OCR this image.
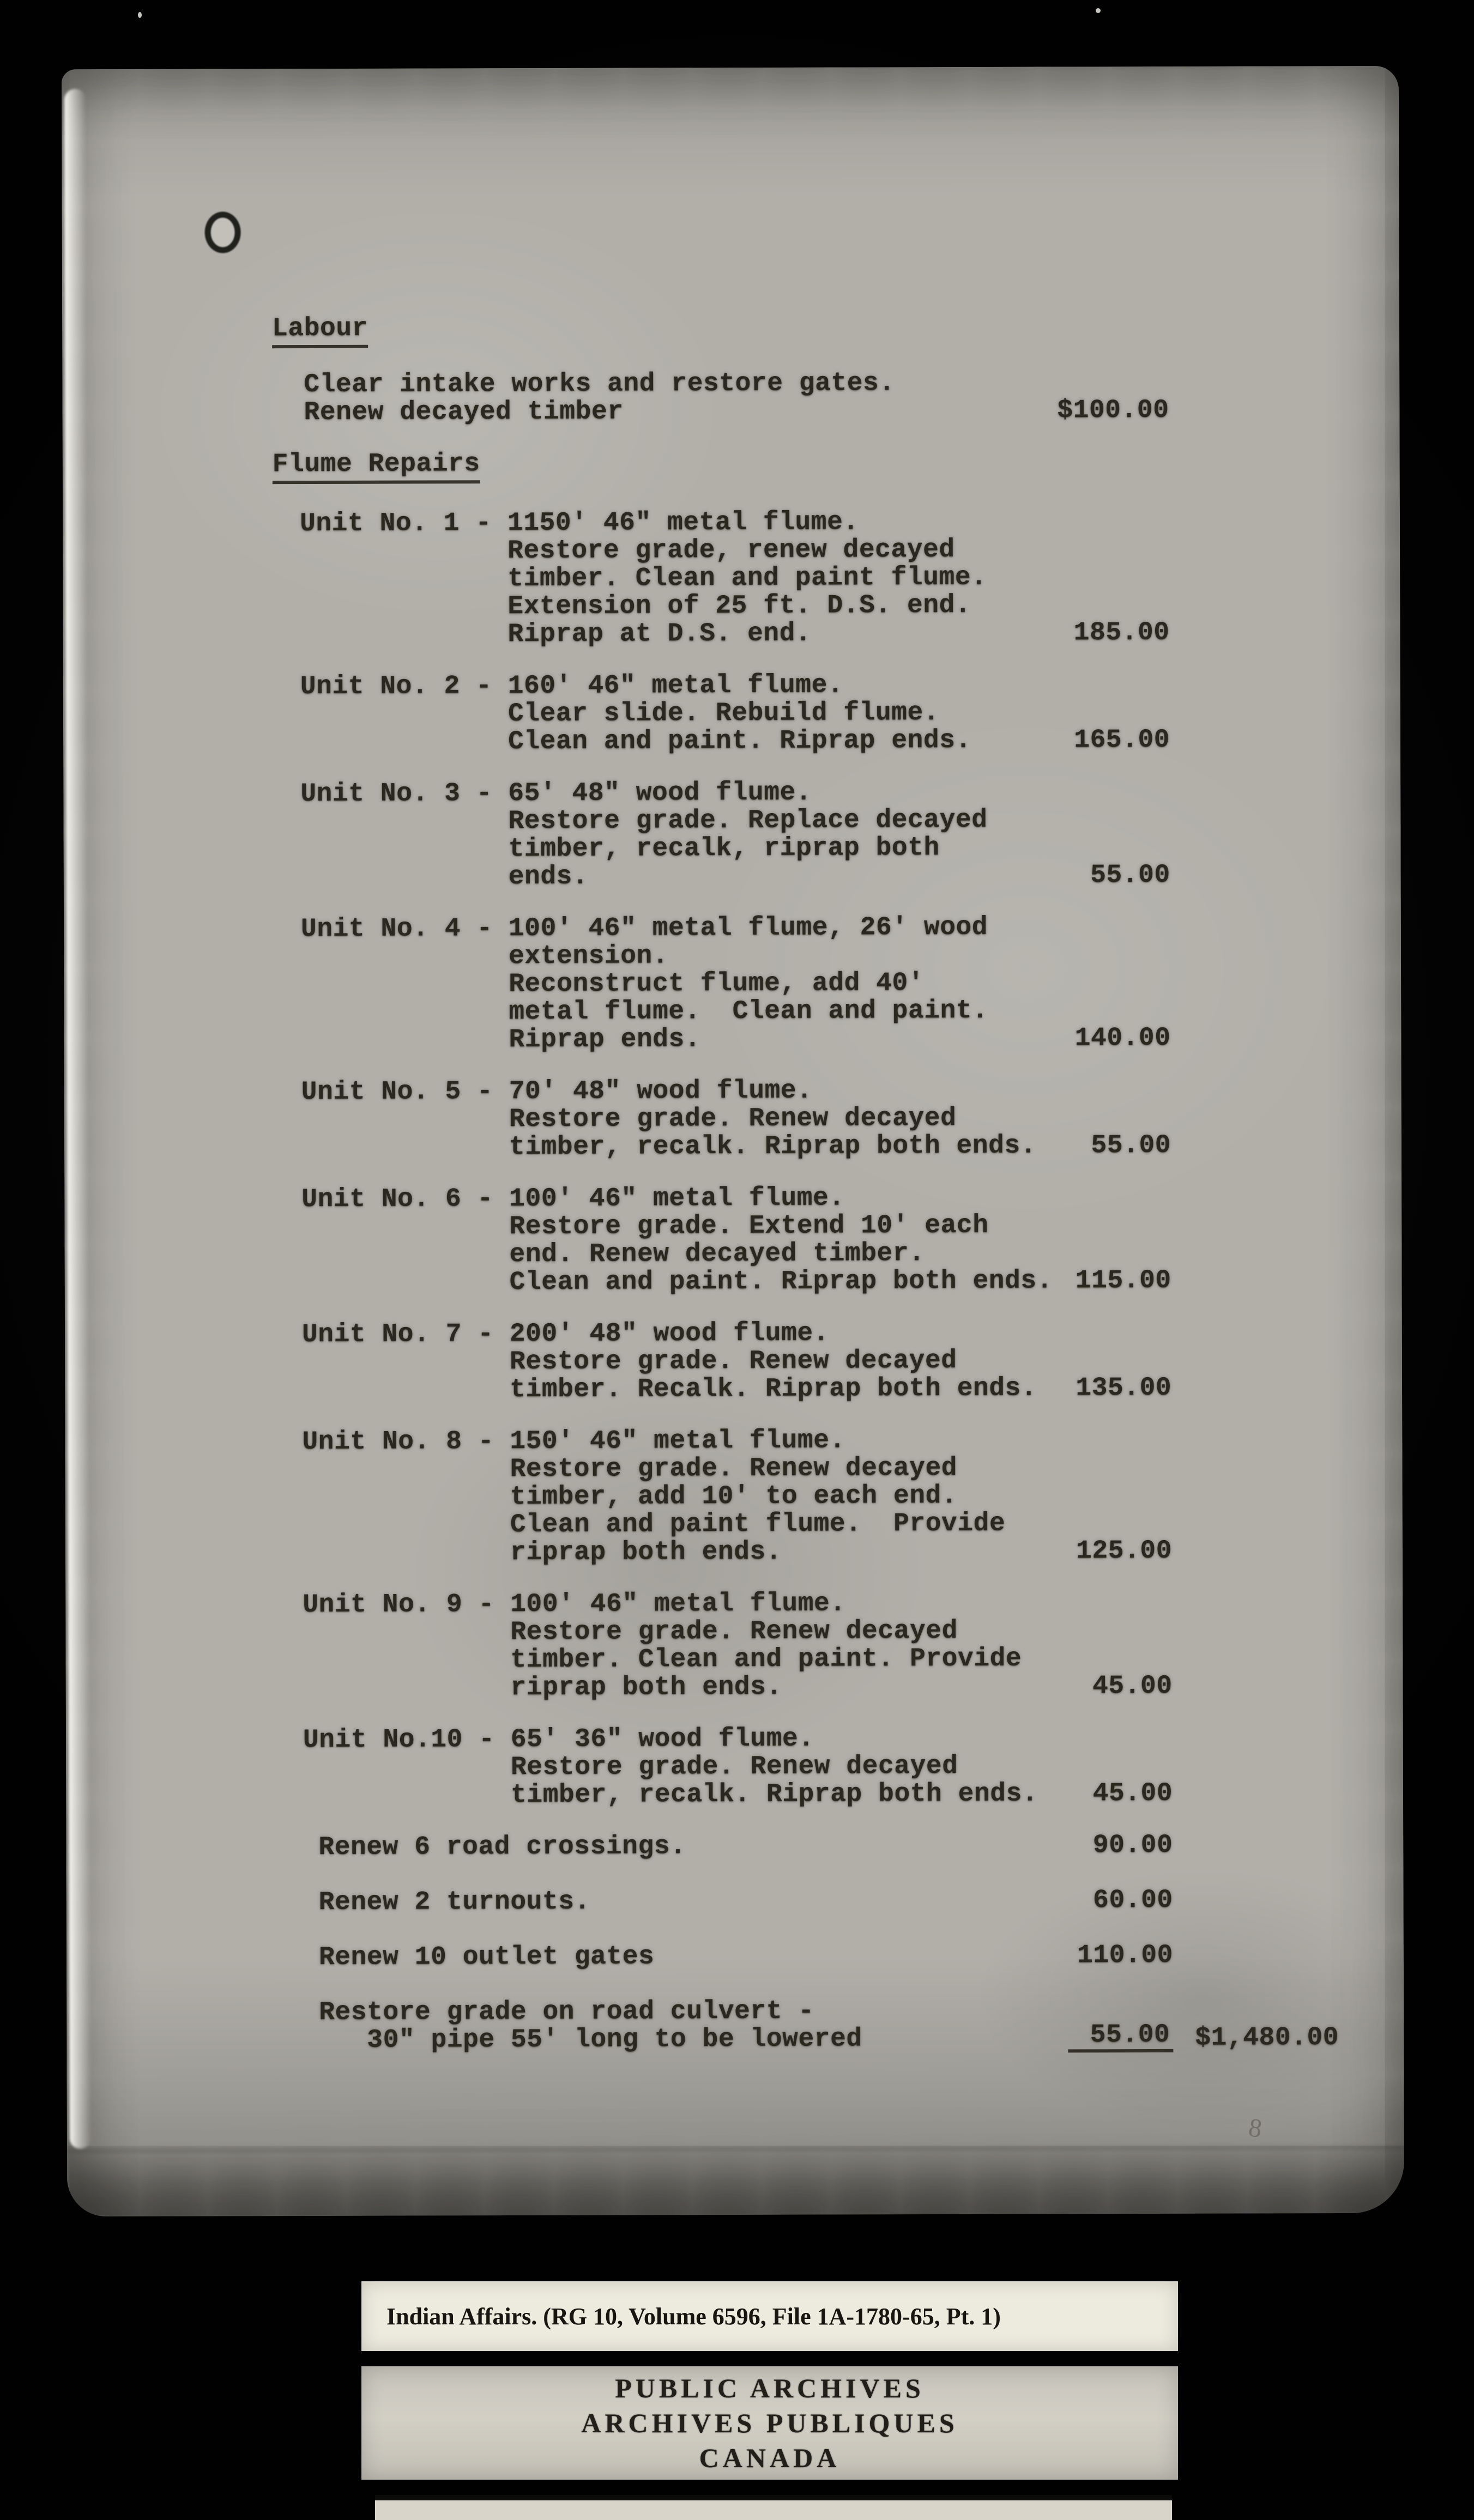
Labour
Clear intake works and restore gates.
Renew decayed timber	$100.00
Flume Repairs
Unit No. 1 - 1150' 46" metal flume.
Restore grade, renew decayed
timber. Clean and paint flume.
Extension of 25 ft. D.S. end.
Riprap at D.S. end.	185.00
Unit No. 2 - 160' 46" metal flume.
Clear slide. Rebuild flume.
Clean and paint. Riprap ends.	165.00
Unit No. 3 - 65' 48" wood flume.
Restore grade. Replace decayed
timber, recalk, riprap both
ends.	55.00
Unit No. 4 - 100' 46" metal flume, 26' wood
extension.
Reconstruct flume, add 40'
metal flume.  Clean and paint.
Riprap ends.	140.00
Unit No. 5 - 70' 48" wood flume.
Restore grade. Renew decayed
timber, recalk. Riprap both ends.	55.00
Unit No. 6 - 100' 46" metal flume.
Restore grade. Extend 10' each
end. Renew decayed timber.
Clean and paint. Riprap both ends. 115.00
Unit No. 7 - 200' 48" wood flume.
Restore grade. Renew decayed
timber. Recalk. Riprap both ends.	135.00
Unit No. 8 - 150' 46" metal flume.
Restore grade. Renew decayed
timber, add 10' to each end.
Clean and paint flume.  Provide
riprap both ends.	125.00
Unit No. 9 - 100' 46" metal flume.
Restore grade. Renew decayed
timber. Clean and paint. Provide
riprap both ends.	45.00
Unit No.10 - 65' 36" wood flume.
Restore grade. Renew decayed
timber, recalk. Riprap both ends.	45.00
Renew 6 road crossings.	90.00
Renew 2 turnouts.	60.00
Renew 10 outlet gates	110.00
Restore grade on road culvert -
30" pipe 55' long to be lowered	55.00 $1,480.00
8
Indian Affairs. (RG 10, Volume 6596, File 1A-1780-65, Pt. 1)
PUBLIC ARCHIVES
ARCHIVES PUBLIQUES
CANADA
